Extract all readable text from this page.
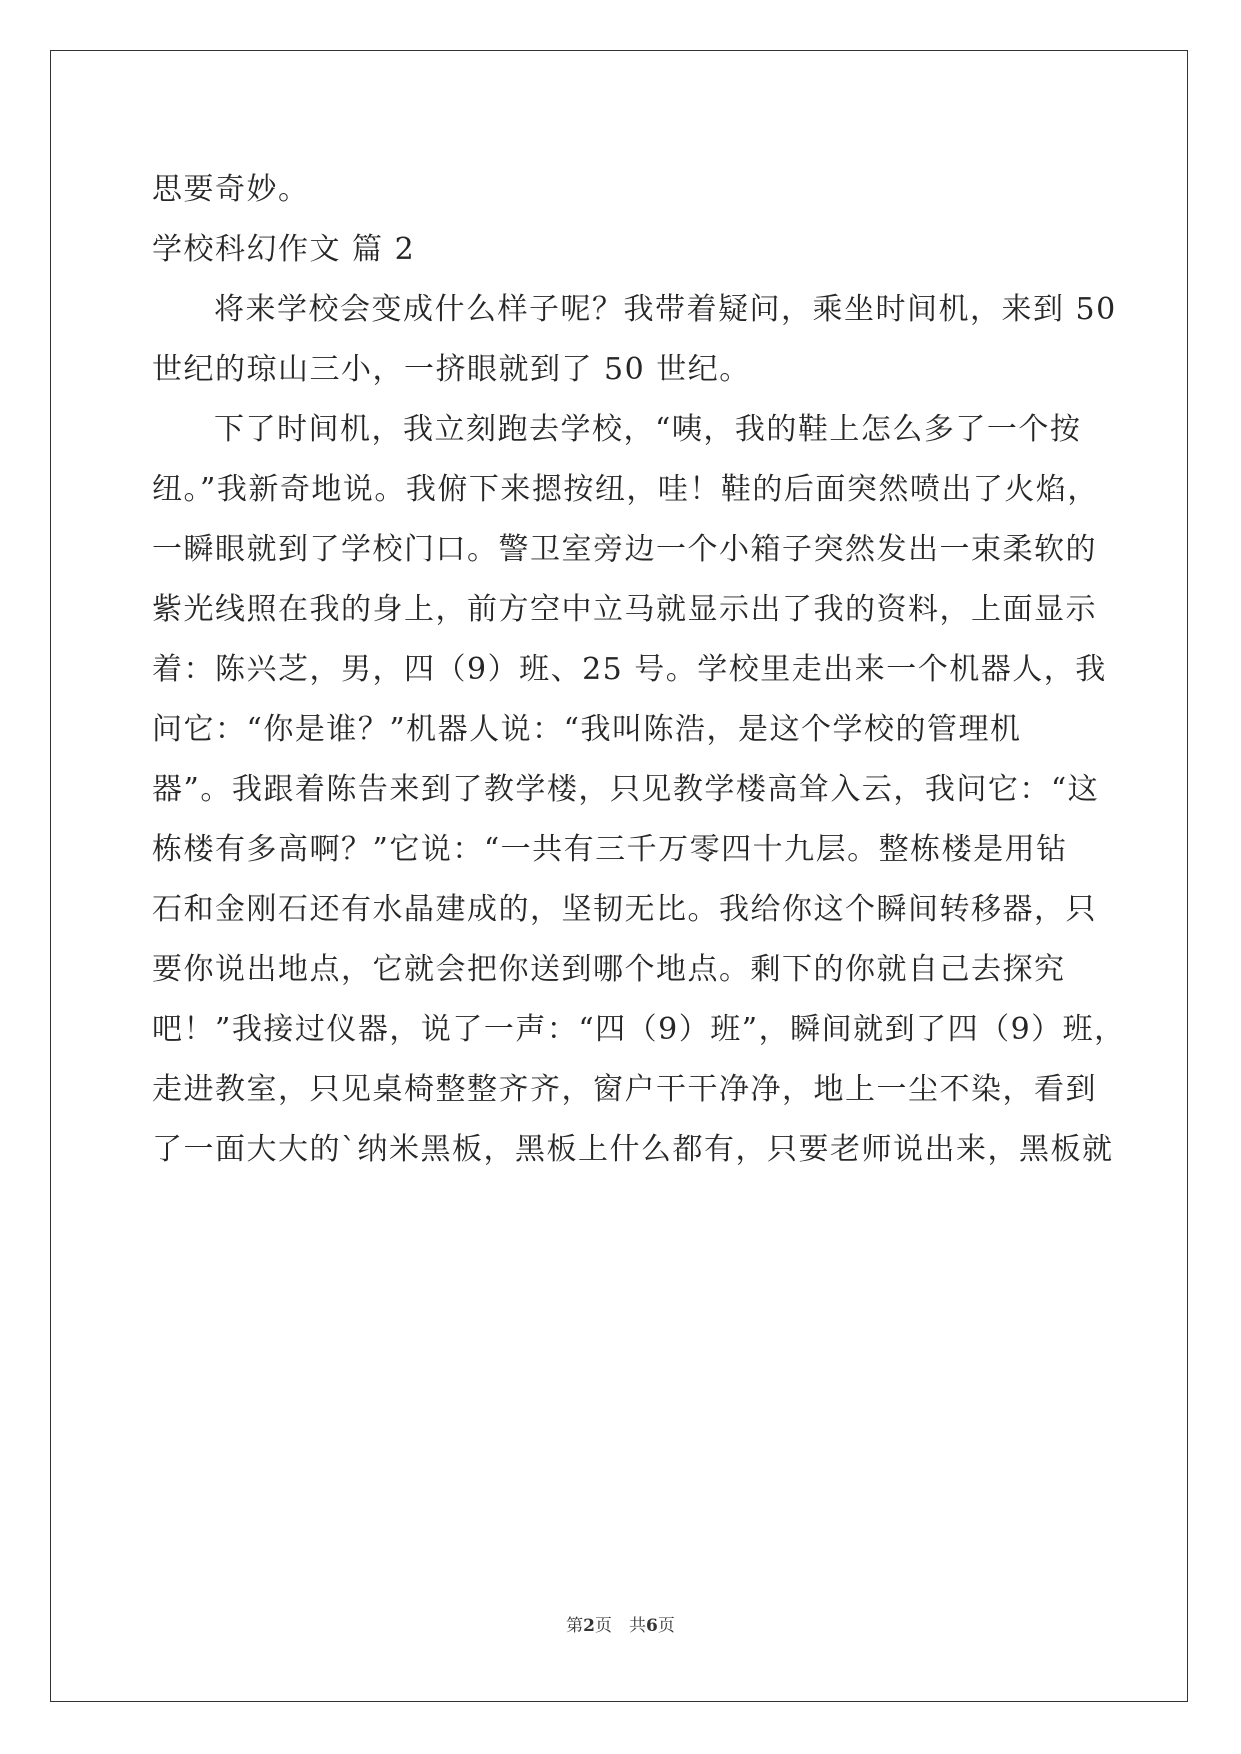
思要奇妙。
学校科幻作文 篇 2
将来学校会变成什么样子呢？我带着疑问，乘坐时间机，来到 50
世纪的琼山三小，一挤眼就到了 50 世纪。
下了时间机，我立刻跑去学校，“咦，我的鞋上怎么多了一个按
纽。”我新奇地说。我俯下来摁按纽，哇！鞋的后面突然喷出了火焰，
一瞬眼就到了学校门口。警卫室旁边一个小箱子突然发出一束柔软的
紫光线照在我的身上，前方空中立马就显示出了我的资料，上面显示
着：陈兴芝，男，四（9）班、25 号。学校里走出来一个机器人，我
问它：“你是谁？”机器人说：“我叫陈浩，是这个学校的管理机
器”。我跟着陈告来到了教学楼，只见教学楼高耸入云，我问它：“这
栋楼有多高啊？”它说：“一共有三千万零四十九层。整栋楼是用钻
石和金刚石还有水晶建成的，坚韧无比。我给你这个瞬间转移器，只
要你说出地点，它就会把你送到哪个地点。剩下的你就自己去探究
吧！”我接过仪器，说了一声：“四（9）班”，瞬间就到了四（9）班，
走进教室，只见桌椅整整齐齐，窗户干干净净，地上一尘不染，看到
了一面大大的`纳米黑板，黑板上什么都有，只要老师说出来，黑板就
第2页　共6页
